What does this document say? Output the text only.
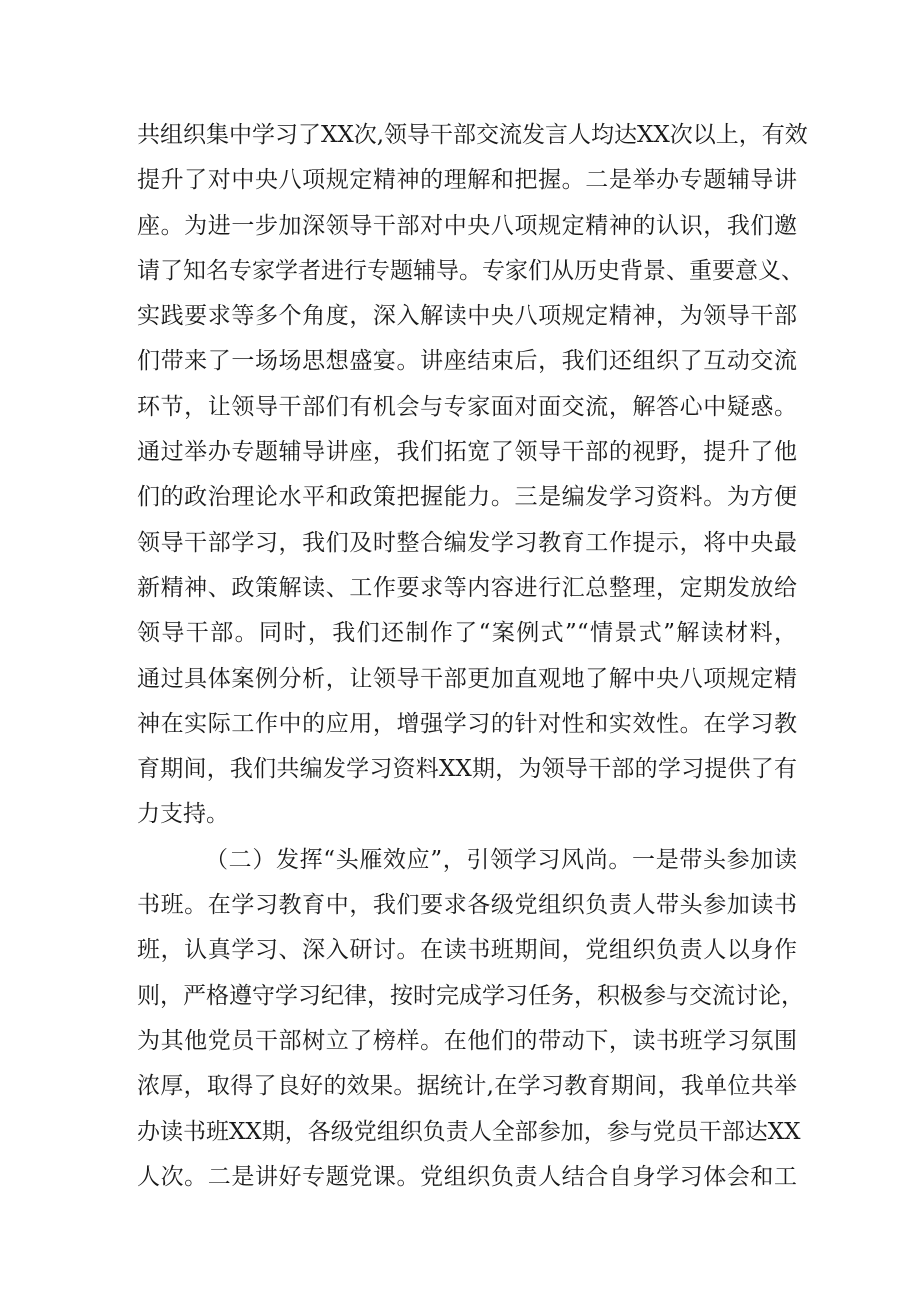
共组织集中学习了XX次,领导干部交流发言人均达XX次以上，有效
提升了对中央八项规定精神的理解和把握。二是举办专题辅导讲
座。为进一步加深领导干部对中央八项规定精神的认识，我们邀
请了知名专家学者进行专题辅导。专家们从历史背景、重要意义、
实践要求等多个角度，深入解读中央八项规定精神，为领导干部
们带来了一场场思想盛宴。讲座结束后，我们还组织了互动交流
环节，让领导干部们有机会与专家面对面交流，解答心中疑惑。
通过举办专题辅导讲座，我们拓宽了领导干部的视野，提升了他
们的政治理论水平和政策把握能力。三是编发学习资料。为方便
领导干部学习，我们及时整合编发学习教育工作提示，将中央最
新精神、政策解读、工作要求等内容进行汇总整理，定期发放给
领导干部。同时，我们还制作了“案例式”“情景式”解读材料，
通过具体案例分析，让领导干部更加直观地了解中央八项规定精
神在实际工作中的应用，增强学习的针对性和实效性。在学习教
育期间，我们共编发学习资料XX期，为领导干部的学习提供了有
力支持。
（二）发挥“头雁效应”，引领学习风尚。一是带头参加读
书班。在学习教育中，我们要求各级党组织负责人带头参加读书
班，认真学习、深入研讨。在读书班期间，党组织负责人以身作
则，严格遵守学习纪律，按时完成学习任务，积极参与交流讨论，
为其他党员干部树立了榜样。在他们的带动下，读书班学习氛围
浓厚，取得了良好的效果。据统计,在学习教育期间，我单位共举
办读书班XX期，各级党组织负责人全部参加，参与党员干部达XX
人次。二是讲好专题党课。党组织负责人结合自身学习体会和工
